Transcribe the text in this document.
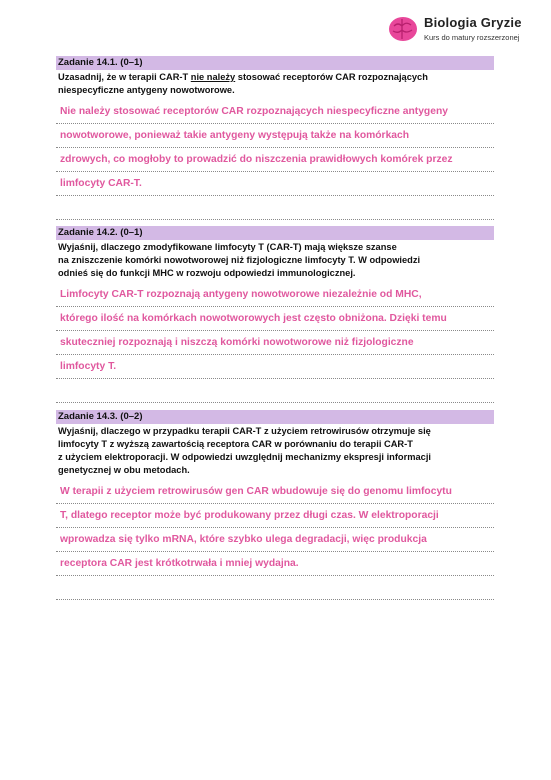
Biologia Gryzie
Kurs do matury rozszerzonej
Zadanie 14.1. (0–1)
Uzasadnij, że w terapii CAR-T nie należy stosować receptorów CAR rozpoznających
niespecyficzne antygeny nowotworowe.
Nie należy stosować receptorów CAR rozpoznających niespecyficzne antygeny
nowotworowe, ponieważ takie antygeny występują także na komórkach
zdrowych, co mogłoby to prowadzić do niszczenia prawidłowych komórek przez
limfocyty CAR-T.
Zadanie 14.2. (0–1)
Wyjaśnij, dlaczego zmodyfikowane limfocyty T (CAR-T) mają większe szanse
na zniszczenie komórki nowotworowej niż fizjologiczne limfocyty T. W odpowiedzi
odnieś się do funkcji MHC w rozwoju odpowiedzi immunologicznej.
Limfocyty CAR-T rozpoznają antygeny nowotworowe niezależnie od MHC,
którego ilość na komórkach nowotworowych jest często obniżona. Dzięki temu
skuteczniej rozpoznają i niszczą komórki nowotworowe niż fizjologiczne
limfocyty T.
Zadanie 14.3. (0–2)
Wyjaśnij, dlaczego w przypadku terapii CAR-T z użyciem retrowirusów otrzymuje się
limfocyty T z wyższą zawartością receptora CAR w porównaniu do terapii CAR-T
z użyciem elektroporacji. W odpowiedzi uwzględnij mechanizmy ekspresji informacji
genetycznej w obu metodach.
W terapii z użyciem retrowirusów gen CAR wbudowuje się do genomu limfocytu
T, dlatego receptor może być produkowany przez długi czas. W elektroporacji
wprowadza się tylko mRNA, które szybko ulega degradacji, więc produkcja
receptora CAR jest krótkotrwała i mniej wydajna.
